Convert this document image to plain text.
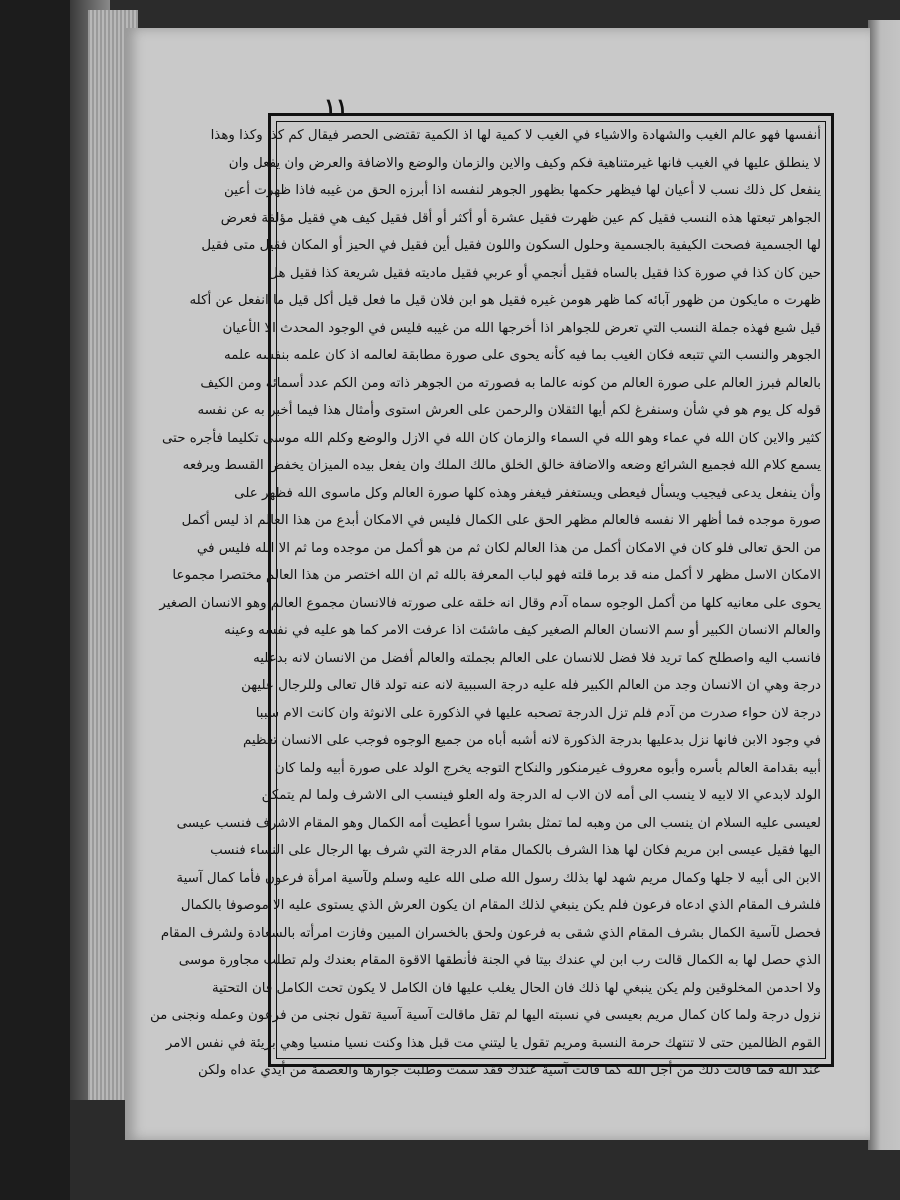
١١
أنفسها فهو عالم الغيب والشهادة والاشياء في الغيب لا كمية لها اذ الكمية تقتضى الحصر فيقال كم كذا وكذا وهذا
لا ينطلق عليها في الغيب فانها غيرمتناهية فكم وكيف والاين والزمان والوضع والاضافة والعرض وان يفعل وان
ينفعل كل ذلك نسب لا أعيان لها فيظهر حكمها بظهور الجوهر لنفسه اذا أبرزه الحق من غيبه فاذا ظهرت أعين
الجواهر تبعتها هذه النسب فقيل كم عين ظهرت فقيل عشرة أو أكثر أو أقل فقيل كيف هي فقيل مؤلفة فعرض
لها الجسمية فصحت الكيفية بالجسمية وحلول السكون واللون فقيل أين فقيل في الحيز أو المكان فقيل متى فقيل
حين كان كذا في صورة كذا فقيل بالساه فقيل أنجمي أو عربي فقيل ماديته فقيل شريعة كذا فقيل هل
ظهرت ه مايكون من ظهور آبائه كما ظهر هومن غيره فقيل هو ابن فلان قيل ما فعل قيل أكل قيل ما انفعل عن أكله
قيل شبع فهذه جملة النسب التي تعرض للجواهر اذا أخرجها الله من غيبه فليس في الوجود المحدث الا الأعيان
الجوهر والنسب التي تتبعه فكان الغيب بما فيه كأنه يحوى على صورة مطابقة لعالمه اذ كان علمه بنفسه علمه
بالعالم فبرز العالم على صورة العالم من كونه عالما به فصورته من الجوهر ذاته ومن الكم عدد أسمائه ومن الكيف
قوله كل يوم هو في شأن وسنفرغ لكم أيها الثقلان والرحمن على العرش استوى وأمثال هذا فيما أخبر به عن نفسه
كثير والاين كان الله في عماء وهو الله في السماء والزمان كان الله في الازل والوضع وكلم الله موسى تكليما فأجره حتى
يسمع كلام الله فجميع الشرائع وضعه والاضافة خالق الخلق مالك الملك وان يفعل بيده الميزان يخفض القسط ويرفعه
وأن ينفعل يدعى فيجيب ويسأل فيعطى ويستغفر فيغفر وهذه كلها صورة العالم وكل ماسوى الله فظهر على
صورة موجده فما أظهر الا نفسه فالعالم مظهر الحق على الكمال فليس في الامكان أبدع من هذا العالم اذ ليس أكمل
من الحق تعالى فلو كان في الامكان أكمل من هذا العالم لكان ثم من هو أكمل من موجده وما ثم الا الله فليس في
الامكان الاسل مظهر لا أكمل منه قد برما قلته فهو لباب المعرفة بالله ثم ان الله اختصر من هذا العالم مختصرا مجموعا
يحوى على معانيه كلها من أكمل الوجوه سماه آدم وقال انه خلقه على صورته فالانسان مجموع العالم وهو الانسان الصغير
والعالم الانسان الكبير أو سم الانسان العالم الصغير كيف ماشئت اذا عرفت الامر كما هو عليه في نفسه وعينه
فانسب اليه واصطلح كما تريد فلا فضل للانسان على العالم بجملته والعالم أفضل من الانسان لانه بدعليه
درجة وهي ان الانسان وجد من العالم الكبير فله عليه درجة السببية لانه عنه تولد قال تعالى وللرجال عليهن
درجة لان حواء صدرت من آدم فلم تزل الدرجة تصحبه عليها في الذكورة على الانوثة وان كانت الام سببا
في وجود الابن فانها نزل بدعليها بدرجة الذكورة لانه أشبه أباه من جميع الوجوه فوجب على الانسان تعظيم
أبيه بقدامة العالم بأسره وأبوه معروف غيرمنكور والنكاح التوجه يخرج الولد على صورة أبيه ولما كان
الولد لابدعي الا لابيه لا ينسب الى أمه لان الاب له الدرجة وله العلو فينسب الى الاشرف ولما لم يتمكن
لعيسى عليه السلام ان ينسب الى من وهبه لما تمثل بشرا سويا أعطيت أمه الكمال وهو المقام الاشرف فنسب عيسى
اليها فقيل عيسى ابن مريم فكان لها هذا الشرف بالكمال مقام الدرجة التي شرف بها الرجال على النساء فنسب
الابن الى أبيه لا جلها وكمال مريم شهد لها بذلك رسول الله صلى الله عليه وسلم ولآسية امرأة فرعون فأما كمال آسية
فلشرف المقام الذي ادعاه فرعون فلم يكن ينبغي لذلك المقام ان يكون العرش الذي يستوى عليه الا موصوفا بالكمال
فحصل لآسية الكمال بشرف المقام الذي شقى به فرعون ولحق بالخسران المبين وفازت امرأته بالسعادة ولشرف المقام
الذي حصل لها به الكمال قالت رب ابن لي عندك بيتا في الجنة فأنطقها الاقوة المقام بعندك ولم تطلب مجاورة موسى
ولا احدمن المخلوقين ولم يكن ينبغي لها ذلك فان الحال يغلب عليها فان الكامل لا يكون تحت الكامل فان التحتية
نزول درجة ولما كان كمال مريم بعيسى في نسبته اليها لم تقل ماقالت آسية آسية تقول نجنى من فرعون وعمله ونجنى من
القوم الظالمين حتى لا تنتهك حرمة النسبة ومريم تقول يا ليتني مت قبل هذا وكنت نسيا منسيا وهي بريئة في نفس الامر
عند الله فما قالت ذلك من أجل الله كما قالت آسية عندك فقد سمت وطلبت جوارها والعصمة من أيدي عداه ولكن
